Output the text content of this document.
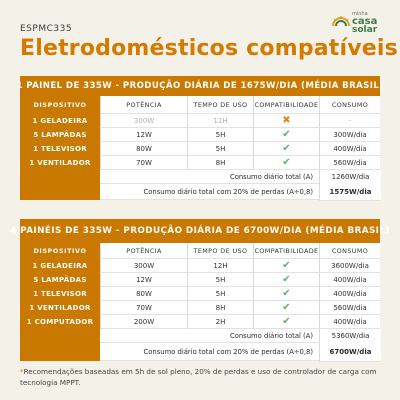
ESPMC335
Eletrodomésticos compatíveis
minha
casa
solar
1 PAINEL DE 335W - PRODUÇÃO DIÁRIA DE 1675W/DIA (MÉDIA BRASIL)
DISPOSITIVO	POTÊNCIA	TEMPO DE USO	COMPATIBILIDADE	CONSUMO
1 GELADEIRA	300W	12H	✖	-
5 LAMPÂDAS	12W	5H	✔	300W/dia
1 TELEVISOR	80W	5H	✔	400W/dia
1 VENTILADOR	70W	8H	✔	560W/dia
Consumo diário total (A)	1260W/dia
Consumo diário total com 20% de perdas (A÷0,8)	1575W/dia
4 PAINÉIS DE 335W - PRODUÇÃO DIÁRIA DE 6700W/DIA (MÉDIA BRASIL)
DISPOSITIVO	POTÊNCIA	TEMPO DE USO	COMPATIBILIDADE	CONSUMO
1 GELADEIRA	300W	12H	✔	3600W/dia
5 LAMPÂDAS	12W	5H	✔	400W/dia
1 TELEVISOR	80W	5H	✔	400W/dia
1 VENTILADOR	70W	8H	✔	560W/dia
1 COMPUTADOR	200W	2H	✔	400W/dia
Consumo diário total (A)	5360W/dia
Consumo diário total com 20% de perdas (A÷0,8)	6700W/dia
*Recomendações baseadas em 5h de sol pleno, 20% de perdas e uso de controlador de carga com tecnologia MPPT.
